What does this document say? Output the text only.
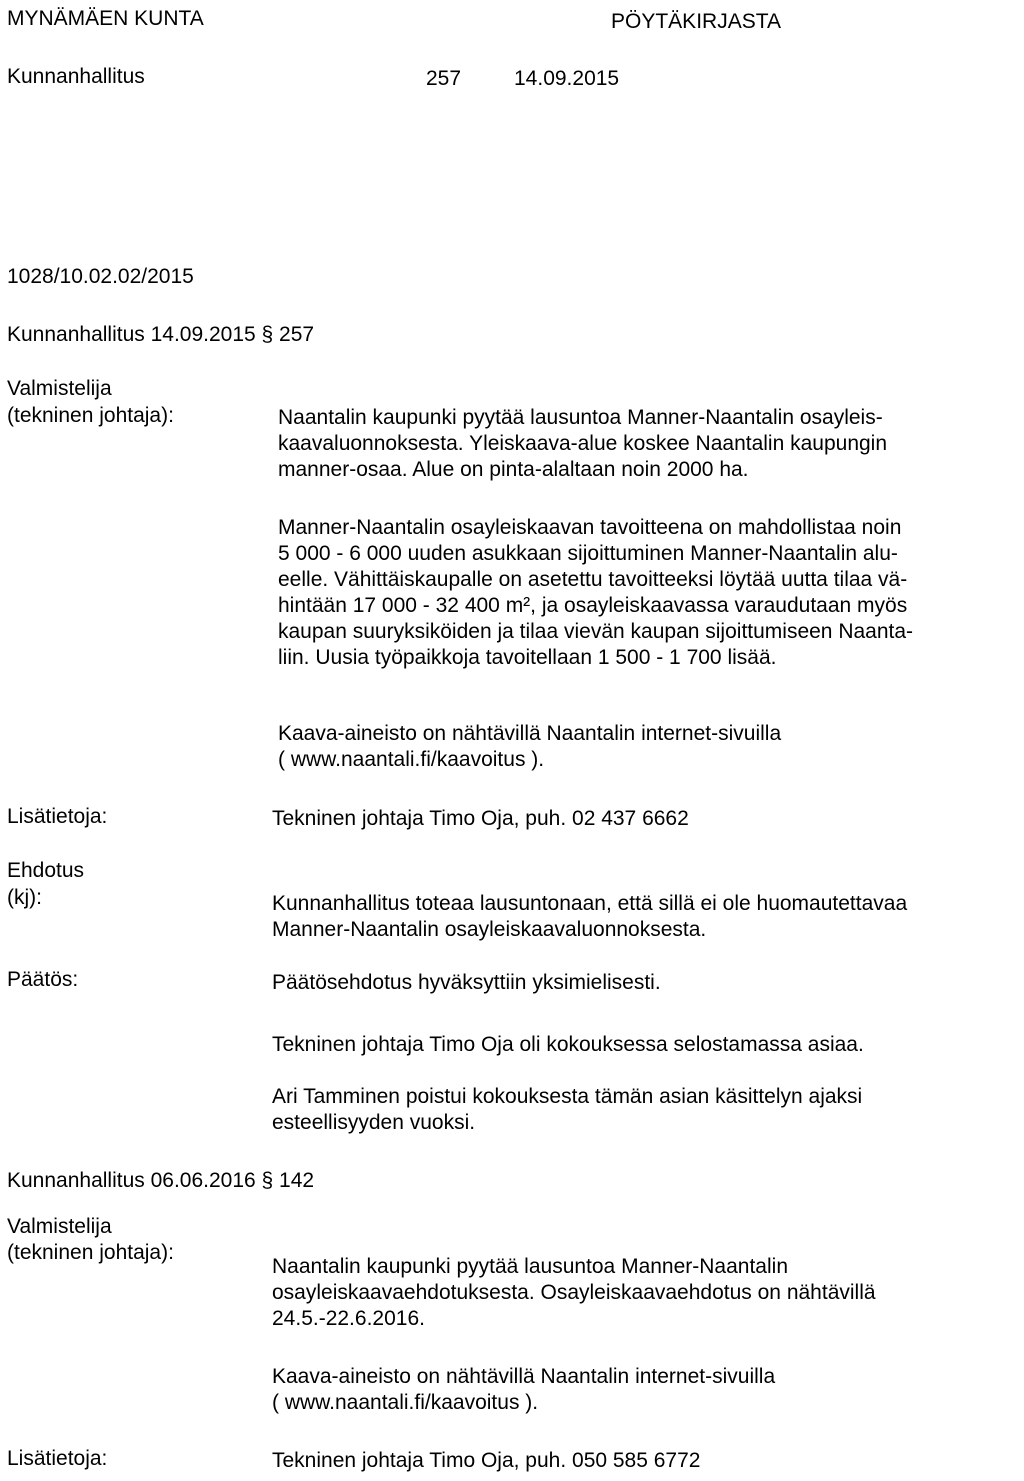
MYNÄMÄEN KUNTA	PÖYTÄKIRJASTA
Kunnanhallitus	257	14.09.2015
1028/10.02.02/2015
Kunnanhallitus 14.09.2015 § 257
Valmistelija
(tekninen johtaja):	Naantalin kaupunki pyytää lausuntoa Manner-Naantalin osayleis-
kaavaluonnoksesta. Yleiskaava-alue koskee Naantalin kaupungin
manner-osaa. Alue on pinta-alaltaan noin 2000 ha.
Manner-Naantalin osayleiskaavan tavoitteena on mahdollistaa noin
5 000 - 6 000 uuden asukkaan sijoittuminen Manner-Naantalin alu-
eelle. Vähittäiskaupalle on asetettu tavoitteeksi löytää uutta tilaa vä-
hintään 17 000 - 32 400 m², ja osayleiskaavassa varaudutaan myös
kaupan suuryksiköiden ja tilaa vievän kaupan sijoittumiseen Naanta-
liin. Uusia työpaikkoja tavoitellaan 1 500 - 1 700 lisää.
Kaava-aineisto on nähtävillä Naantalin internet-sivuilla
( www.naantali.fi/kaavoitus ).
Lisätietoja:	Tekninen johtaja Timo Oja, puh. 02 437 6662
Ehdotus
(kj):	Kunnanhallitus toteaa lausuntonaan, että sillä ei ole huomautettavaa
Manner-Naantalin osayleiskaavaluonnoksesta.
Päätös:	Päätösehdotus hyväksyttiin yksimielisesti.
Tekninen johtaja Timo Oja oli kokouksessa selostamassa asiaa.
Ari Tamminen poistui kokouksesta tämän asian käsittelyn ajaksi
esteellisyyden vuoksi.
Kunnanhallitus 06.06.2016 § 142
Valmistelija
(tekninen johtaja):
Naantalin kaupunki pyytää lausuntoa Manner-Naantalin
osayleiskaavaehdotuksesta. Osayleiskaavaehdotus on nähtävillä
24.5.-22.6.2016.
Kaava-aineisto on nähtävillä Naantalin internet-sivuilla
( www.naantali.fi/kaavoitus ).
Lisätietoja:	Tekninen johtaja Timo Oja, puh. 050 585 6772
